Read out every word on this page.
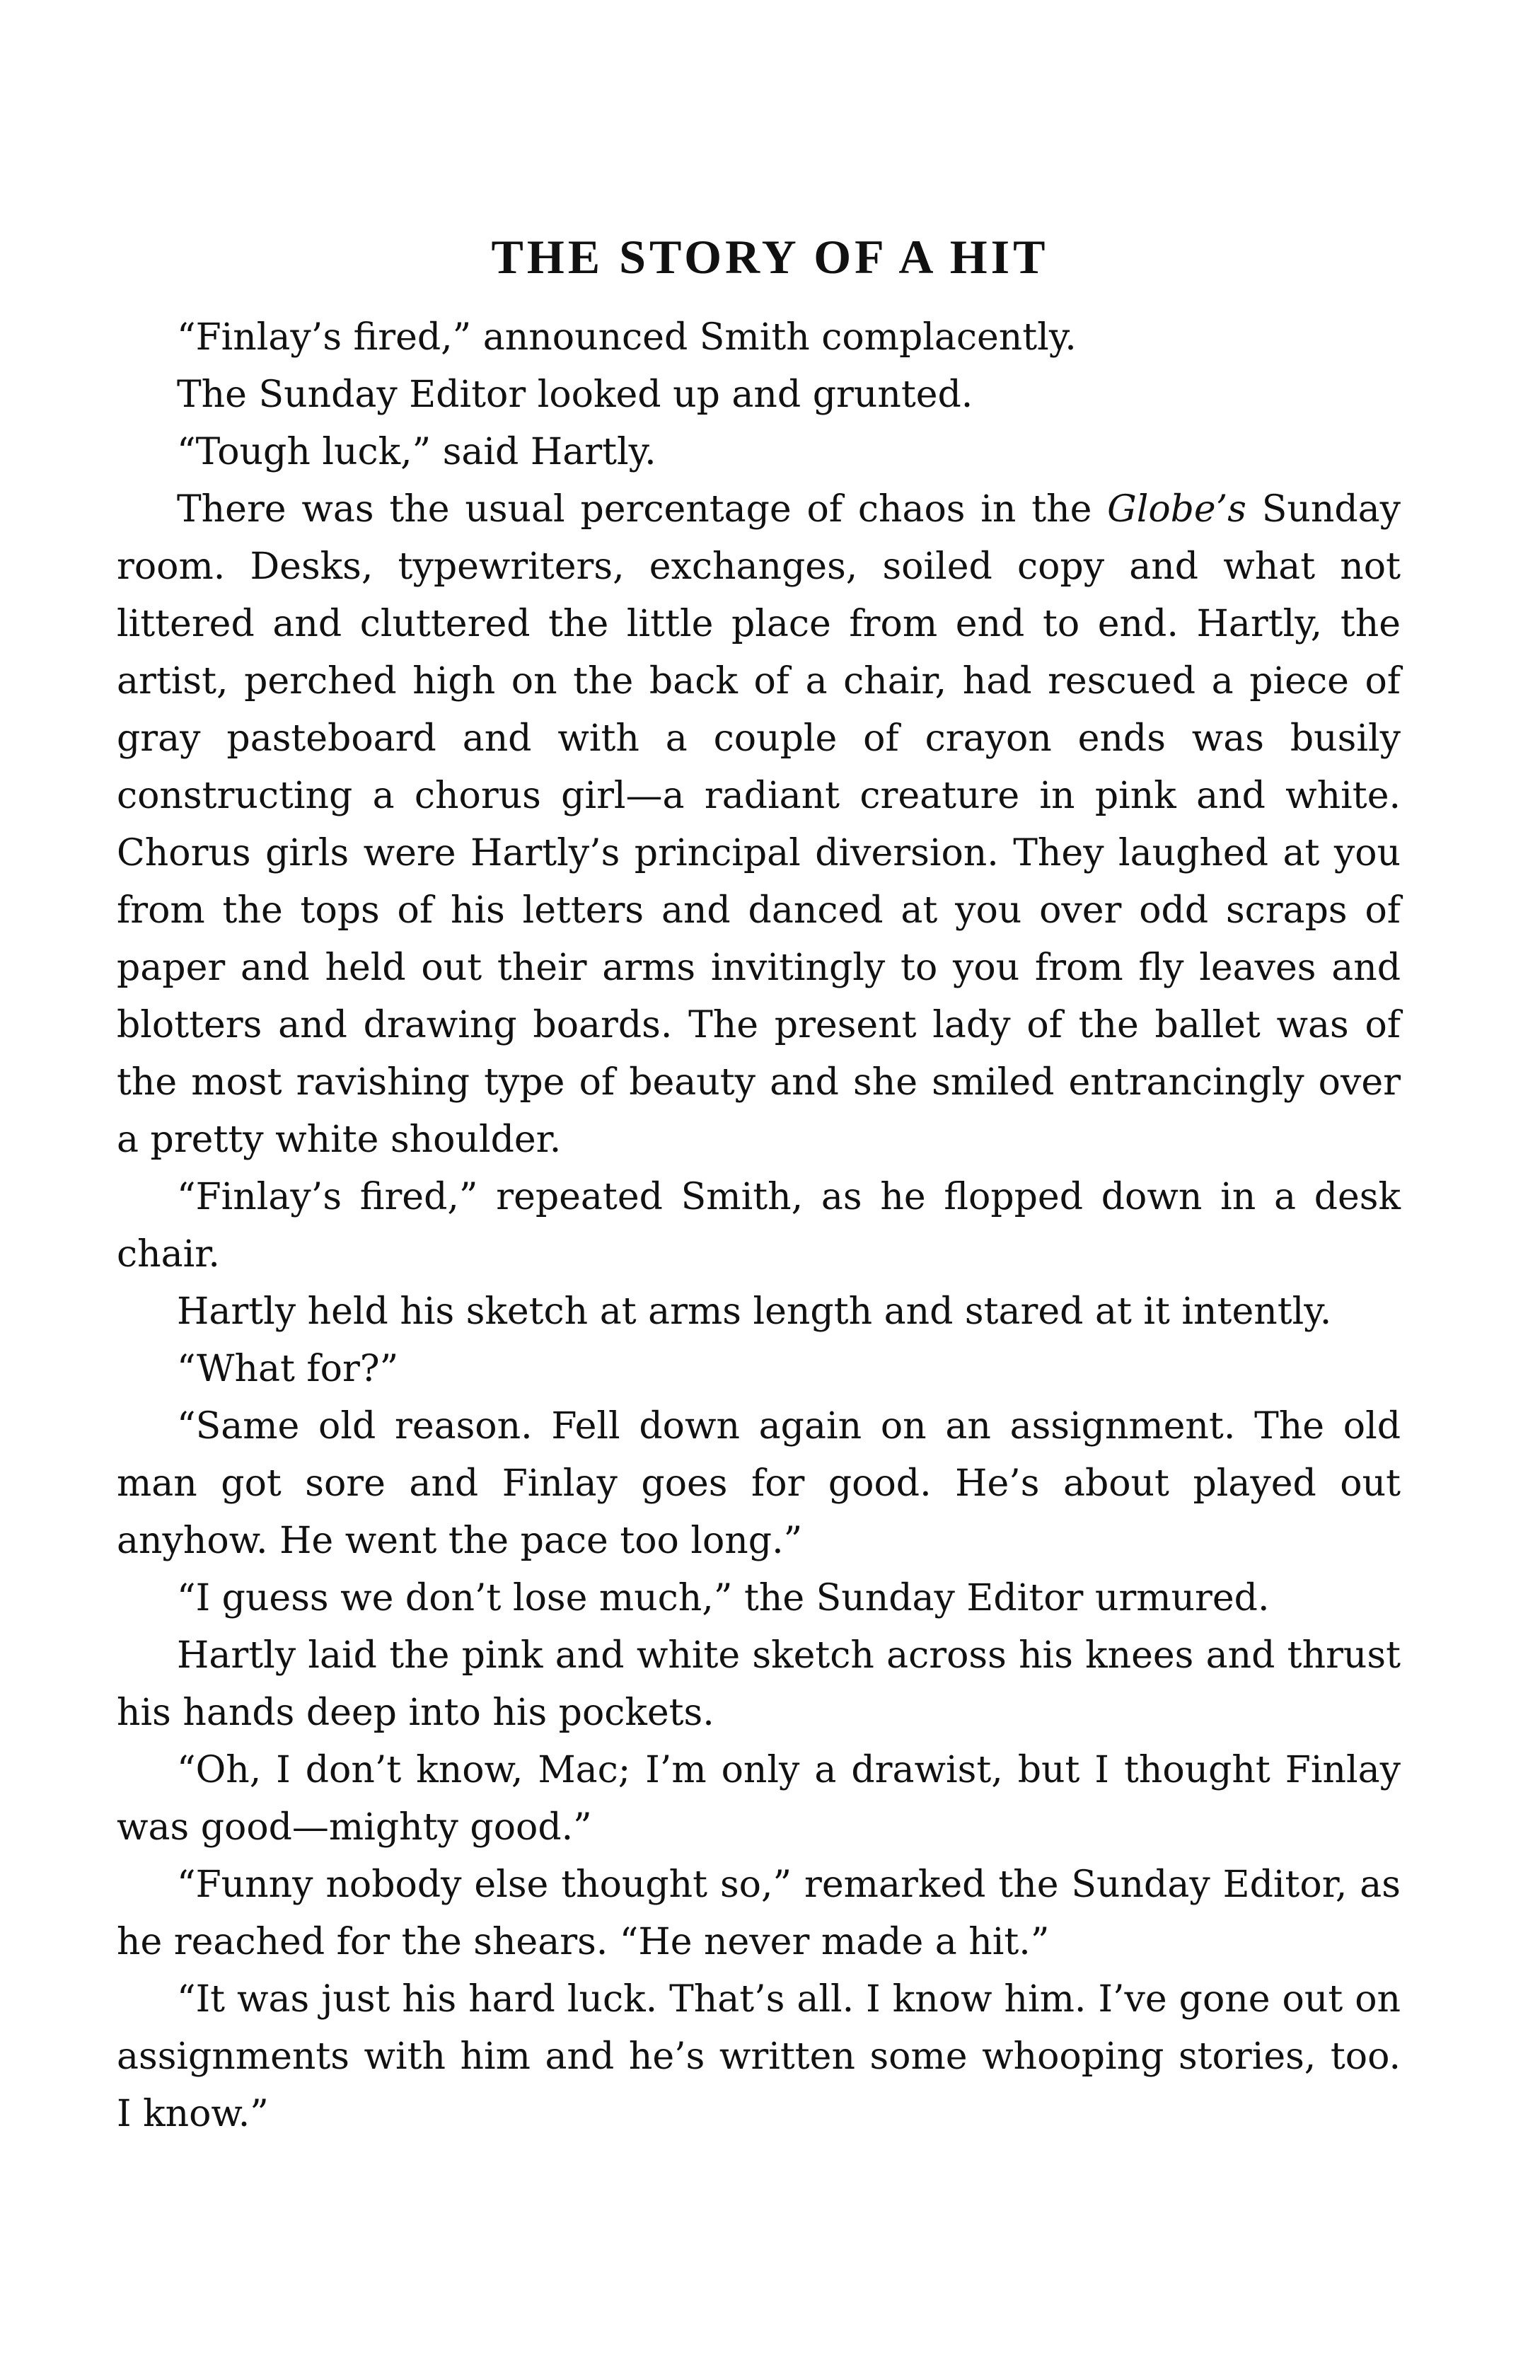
THE STORY OF A HIT

“Finlay’s fired,” announced Smith complacently.

The Sunday Editor looked up and grunted.

“Tough luck,” said Hartly.

There was the usual percentage of chaos in the Globe’s Sunday room. Desks, typewriters, exchanges, soiled copy and what not littered and cluttered the little place from end to end. Hartly, the artist, perched high on the back of a chair, had rescued a piece of gray pasteboard and with a couple of crayon ends was busily constructing a chorus girl—a radiant creature in pink and white. Chorus girls were Hartly’s principal diversion. They laughed at you from the tops of his letters and danced at you over odd scraps of paper and held out their arms invitingly to you from fly leaves and blotters and drawing boards. The present lady of the ballet was of the most ravishing type of beauty and she smiled entrancingly over a pretty white shoulder.

“Finlay’s fired,” repeated Smith, as he flopped down in a desk chair.

Hartly held his sketch at arms length and stared at it intently.

“What for?”

“Same old reason. Fell down again on an assignment. The old man got sore and Finlay goes for good. He’s about played out anyhow. He went the pace too long.”

“I guess we don’t lose much,” the Sunday Editor urmured.

Hartly laid the pink and white sketch across his knees and thrust his hands deep into his pockets.

“Oh, I don’t know, Mac; I’m only a drawist, but I thought Finlay was good—mighty good.”

“Funny nobody else thought so,” remarked the Sunday Editor, as he reached for the shears. “He never made a hit.”

“It was just his hard luck. That’s all. I know him. I’ve gone out on assignments with him and he’s written some whooping stories, too. I know.”
